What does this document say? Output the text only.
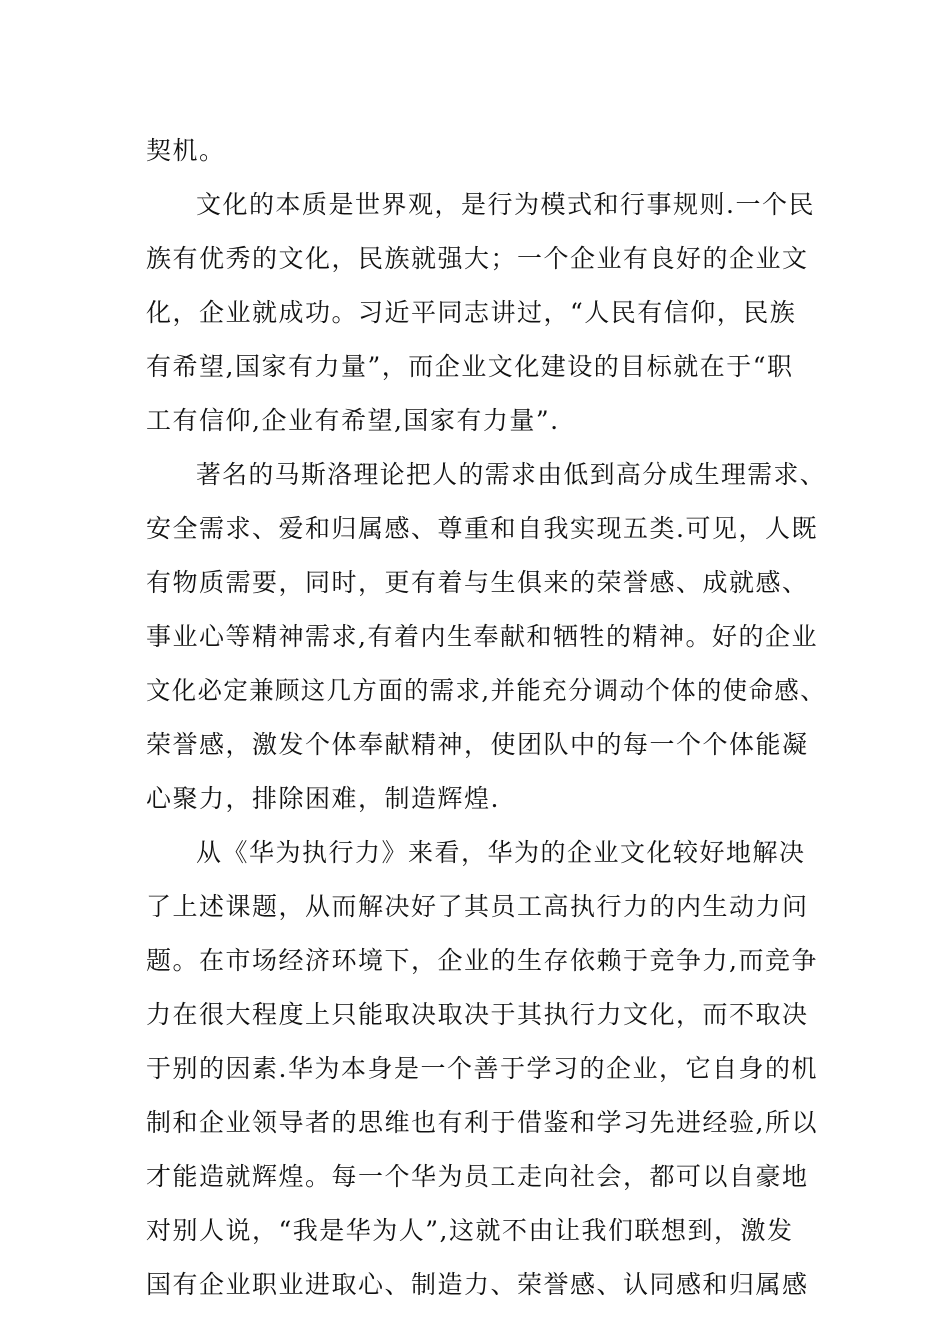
契机。
文化的本质是世界观，是行为模式和行事规则.一个民
族有优秀的文化，民族就强大；一个企业有良好的企业文
化，企业就成功。习近平同志讲过，“人民有信仰，民族
有希望,国家有力量”，而企业文化建设的目标就在于“职
工有信仰,企业有希望,国家有力量”.
著名的马斯洛理论把人的需求由低到高分成生理需求、
安全需求、爱和归属感、尊重和自我实现五类.可见，人既
有物质需要，同时，更有着与生俱来的荣誉感、成就感、
事业心等精神需求,有着内生奉献和牺牲的精神。好的企业
文化必定兼顾这几方面的需求,并能充分调动个体的使命感、
荣誉感，激发个体奉献精神，使团队中的每一个个体能凝
心聚力，排除困难，制造辉煌.
从《华为执行力》来看，华为的企业文化较好地解决
了上述课题，从而解决好了其员工高执行力的内生动力问
题。在市场经济环境下，企业的生存依赖于竞争力,而竞争
力在很大程度上只能取决取决于其执行力文化，而不取决
于别的因素.华为本身是一个善于学习的企业，它自身的机
制和企业领导者的思维也有利于借鉴和学习先进经验,所以
才能造就辉煌。每一个华为员工走向社会，都可以自豪地
对别人说，“我是华为人”,这就不由让我们联想到，激发
国有企业职业进取心、制造力、荣誉感、认同感和归属感
